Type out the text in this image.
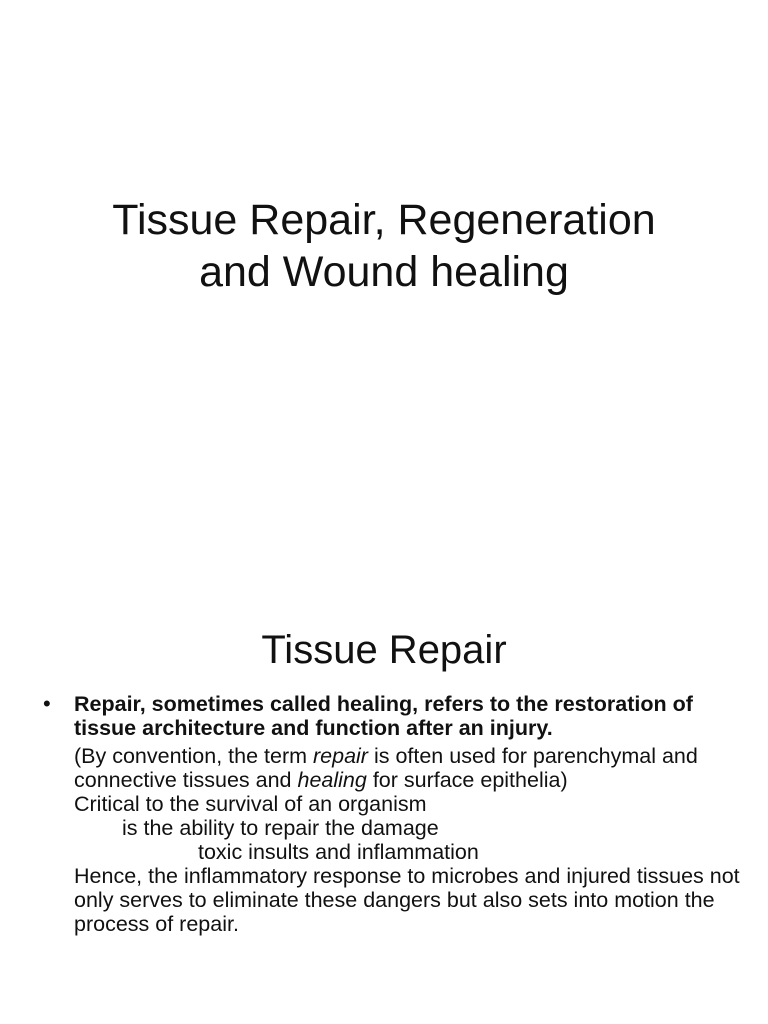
Tissue Repair, Regeneration
and Wound healing
Tissue Repair
• Repair, sometimes called healing, refers to the restoration of tissue architecture and function after an injury.
(By convention, the term repair is often used for parenchymal and connective tissues and healing for surface epithelia)
Critical to the survival of an organism
is the ability to repair the damage
toxic insults and inflammation
Hence, the inflammatory response to microbes and injured tissues not only serves to eliminate these dangers but also sets into motion the process of repair.
